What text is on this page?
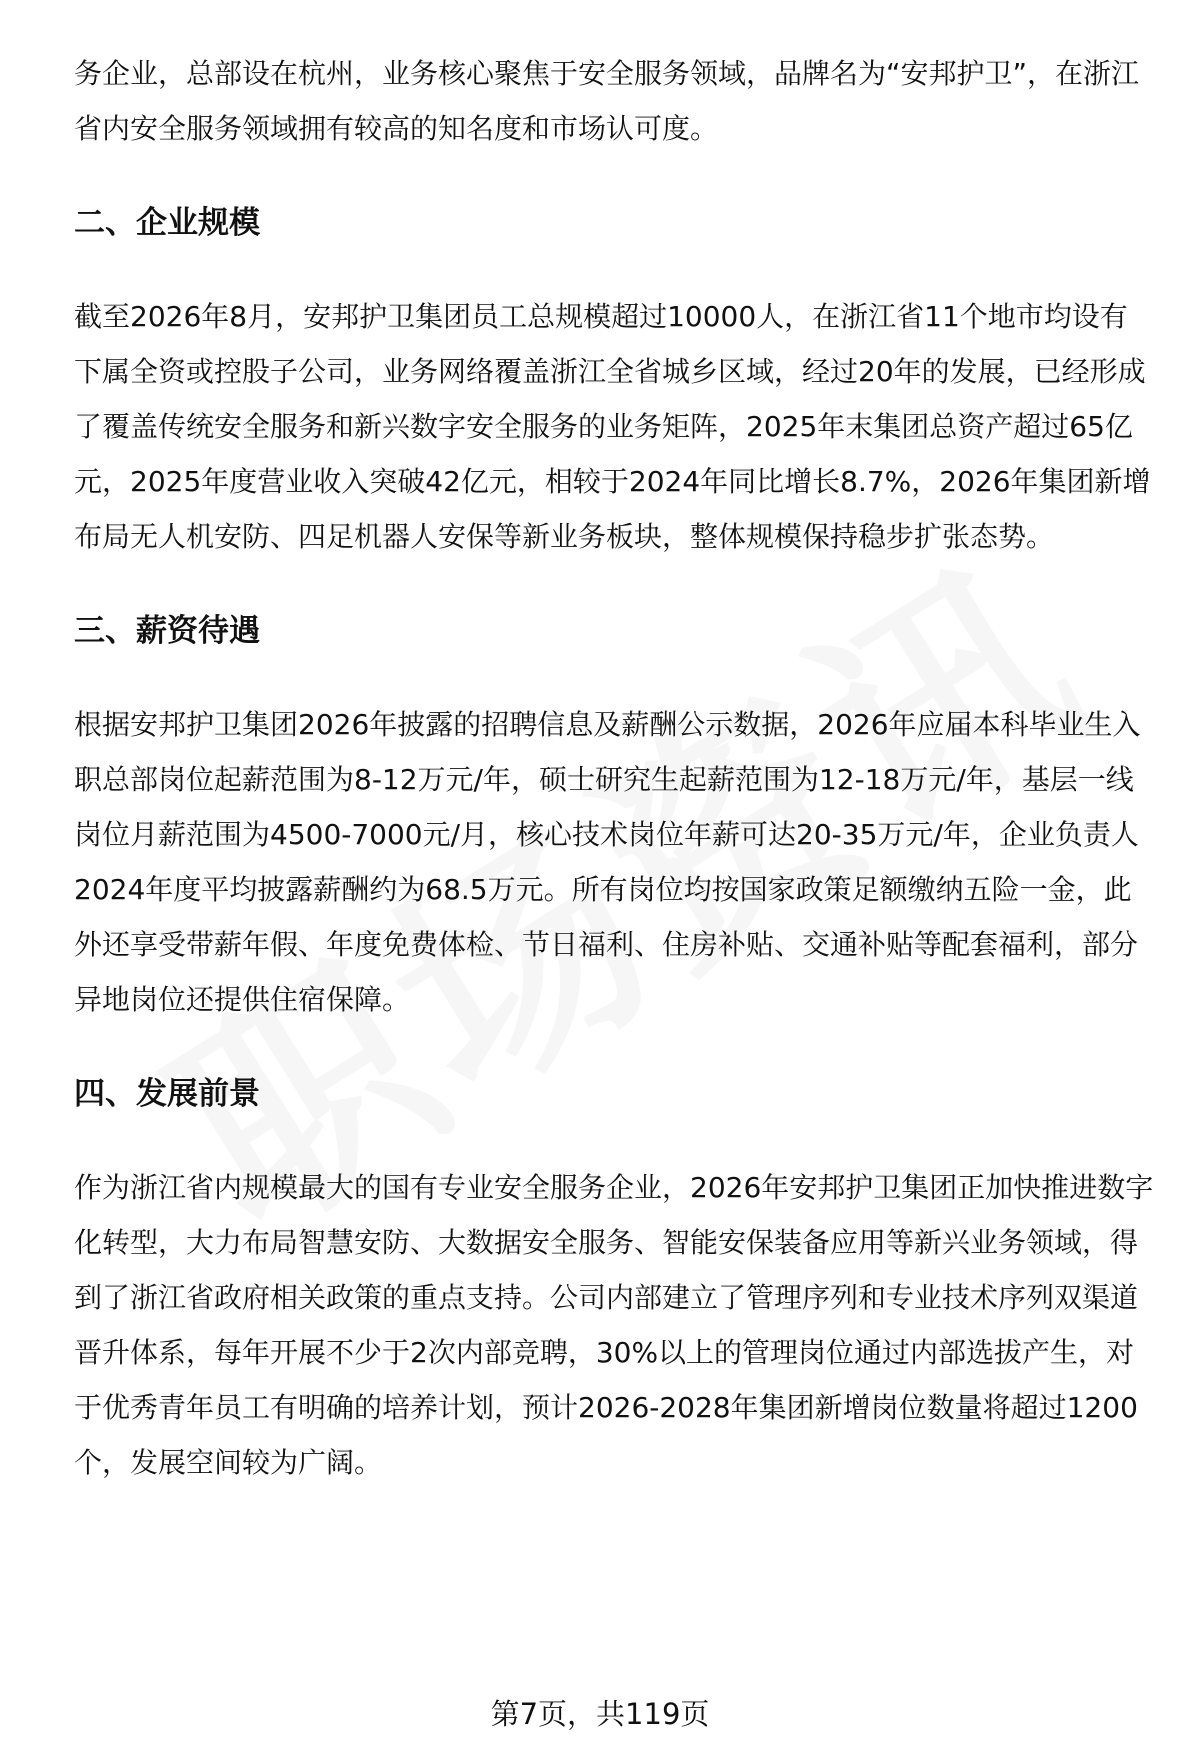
务企业，总部设在杭州，业务核心聚焦于安全服务领域，品牌名为“安邦护卫”，在浙江省内安全服务领域拥有较高的知名度和市场认可度。

二、企业规模

截至2026年8月，安邦护卫集团员工总规模超过10000人，在浙江省11个地市均设有下属全资或控股子公司，业务网络覆盖浙江全省城乡区域，经过20年的发展，已经形成了覆盖传统安全服务和新兴数字安全服务的业务矩阵，2025年末集团总资产超过65亿元，2025年度营业收入突破42亿元，相较于2024年同比增长8.7%，2026年集团新增布局无人机安防、四足机器人安保等新业务板块，整体规模保持稳步扩张态势。

三、薪资待遇

根据安邦护卫集团2026年披露的招聘信息及薪酬公示数据，2026年应届本科毕业生入职总部岗位起薪范围为8-12万元/年，硕士研究生起薪范围为12-18万元/年，基层一线岗位月薪范围为4500-7000元/月，核心技术岗位年薪可达20-35万元/年，企业负责人2024年度平均披露薪酬约为68.5万元。所有岗位均按国家政策足额缴纳五险一金，此外还享受带薪年假、年度免费体检、节日福利、住房补贴、交通补贴等配套福利，部分异地岗位还提供住宿保障。

四、发展前景

作为浙江省内规模最大的国有专业安全服务企业，2026年安邦护卫集团正加快推进数字化转型，大力布局智慧安防、大数据安全服务、智能安保装备应用等新兴业务领域，得到了浙江省政府相关政策的重点支持。公司内部建立了管理序列和专业技术序列双渠道晋升体系，每年开展不少于2次内部竞聘，30%以上的管理岗位通过内部选拔产生，对于优秀青年员工有明确的培养计划，预计2026-2028年集团新增岗位数量将超过1200个，发展空间较为广阔。

第7页，共119页
